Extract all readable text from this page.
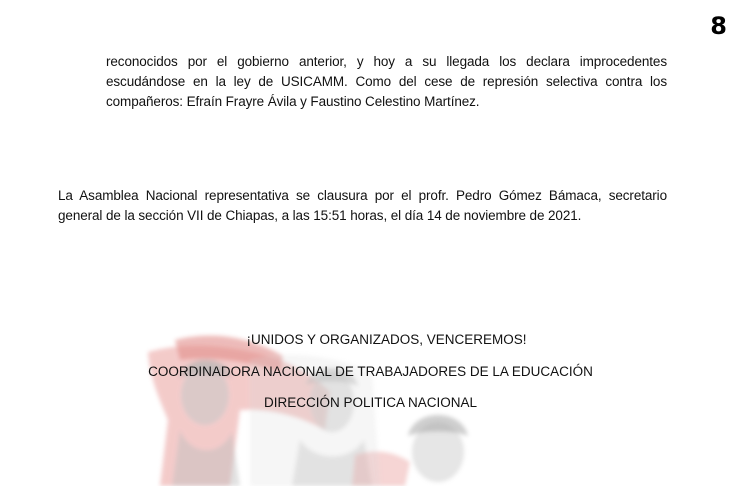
8

reconocidos por el gobierno anterior, y hoy a su llegada los declara improcedentes escudándose en la ley de USICAMM. Como del cese de represión selectiva contra los compañeros: Efraín Frayre Ávila y Faustino Celestino Martínez.

La Asamblea Nacional representativa se clausura por el profr. Pedro Gómez Bámaca, secretario general de la sección VII de Chiapas, a las 15:51 horas, el día 14 de noviembre de 2021.

¡UNIDOS Y ORGANIZADOS, VENCEREMOS!
COORDINADORA NACIONAL DE TRABAJADORES DE LA EDUCACIÓN
DIRECCIÓN POLITICA NACIONAL
